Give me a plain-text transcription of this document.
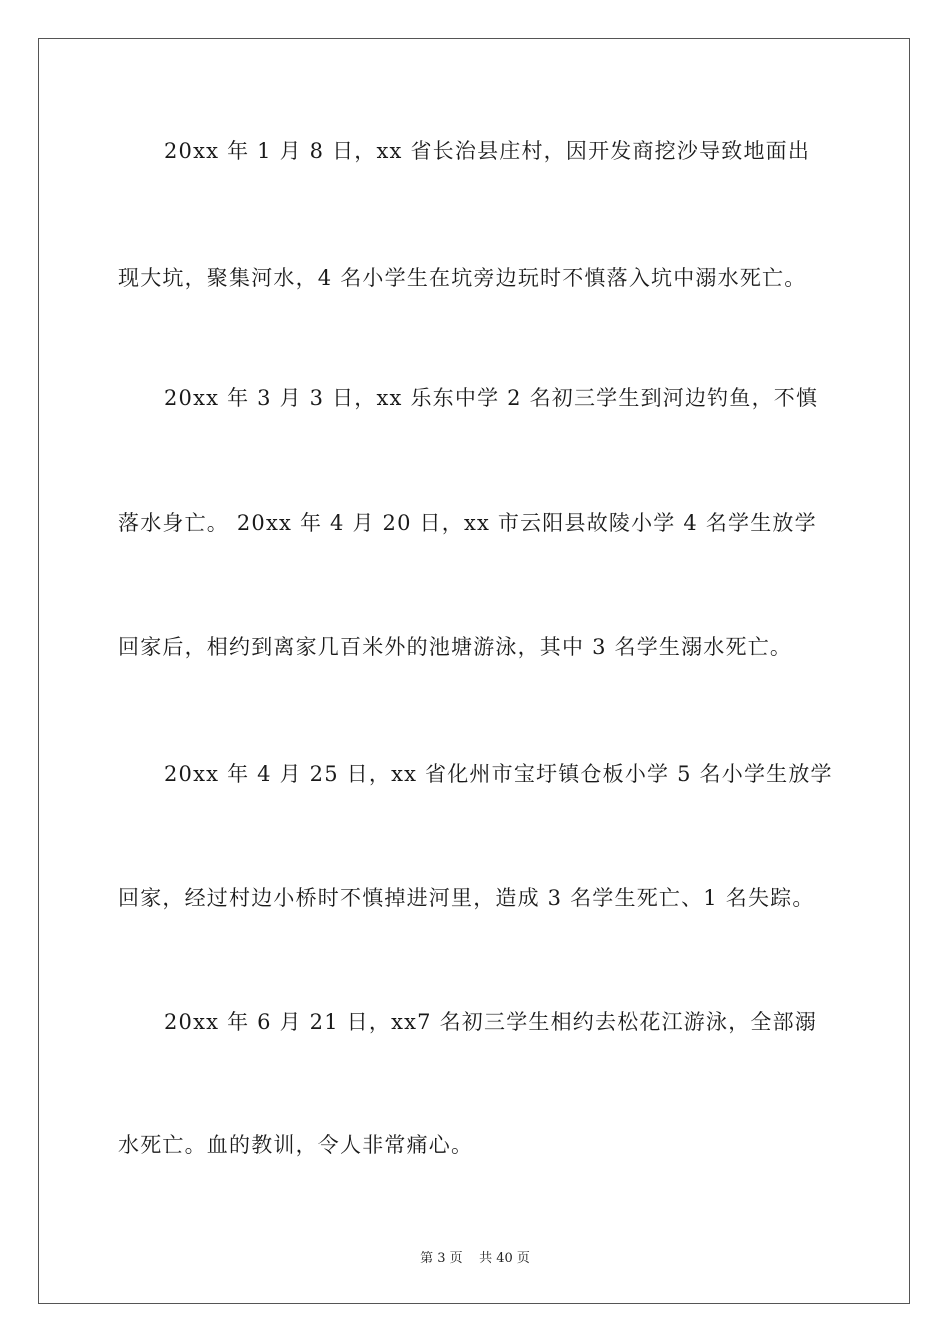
20xx 年 1 月 8 日，xx 省长治县庄村，因开发商挖沙导致地面出
现大坑，聚集河水，4 名小学生在坑旁边玩时不慎落入坑中溺水死亡。
20xx 年 3 月 3 日，xx 乐东中学 2 名初三学生到河边钓鱼，不慎
落水身亡。 20xx 年 4 月 20 日，xx 市云阳县故陵小学 4 名学生放学
回家后，相约到离家几百米外的池塘游泳，其中 3 名学生溺水死亡。
20xx 年 4 月 25 日，xx 省化州市宝圩镇仓板小学 5 名小学生放学
回家，经过村边小桥时不慎掉进河里，造成 3 名学生死亡、1 名失踪。
20xx 年 6 月 21 日，xx7 名初三学生相约去松花江游泳，全部溺
水死亡。血的教训，令人非常痛心。
第 3 页    共 40 页
